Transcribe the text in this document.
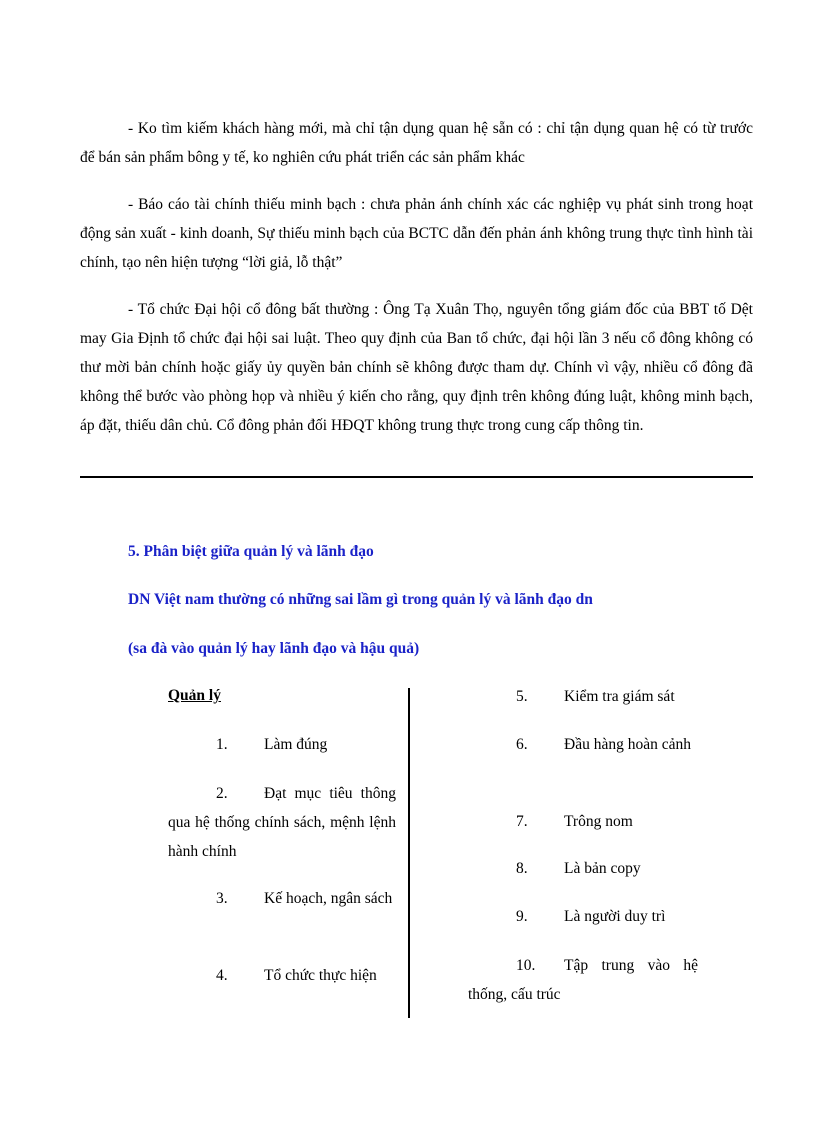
- Ko tìm kiếm khách hàng mới, mà chỉ tận dụng quan hệ sẵn có : chỉ tận dụng quan hệ có từ trước để bán sản phẩm bông y tế, ko nghiên cứu phát triển các sản phẩm khác

- Báo cáo tài chính thiếu minh bạch : chưa phản ánh chính xác các nghiệp vụ phát sinh trong hoạt động sản xuất - kinh doanh, Sự thiếu minh bạch của BCTC dẫn đến phản ánh không trung thực tình hình tài chính, tạo nên hiện tượng “lời giả, lỗ thật”

- Tổ chức Đại hội cổ đông bất thường : Ông Tạ Xuân Thọ, nguyên tổng giám đốc của BBT tố Dệt may Gia Định tổ chức đại hội sai luật. Theo quy định của Ban tổ chức, đại hội lần 3 nếu cổ đông không có thư mời bản chính hoặc giấy ủy quyền bản chính sẽ không được tham dự. Chính vì vậy, nhiều cổ đông đã không thể bước vào phòng họp và nhiều ý kiến cho rằng, quy định trên không đúng luật, không minh bạch, áp đặt, thiếu dân chủ. Cổ đông phản đối HĐQT không trung thực trong cung cấp thông tin.

5. Phân biệt giữa quản lý và lãnh đạo

DN Việt nam thường có những sai lầm gì trong quản lý và lãnh đạo dn

(sa đà vào quản lý hay lãnh đạo và hậu quả)

Quản lý

1.	Làm đúng
2.	Đạt mục tiêu thông qua hệ thống chính sách, mệnh lệnh hành chính
3.	Kế hoạch, ngân sách
4.	Tổ chức thực hiện
5.	Kiểm tra giám sát
6.	Đầu hàng hoàn cảnh
7.	Trông nom
8.	Là bản copy
9.	Là người duy trì
10.	Tập trung vào hệ thống, cấu trúc
